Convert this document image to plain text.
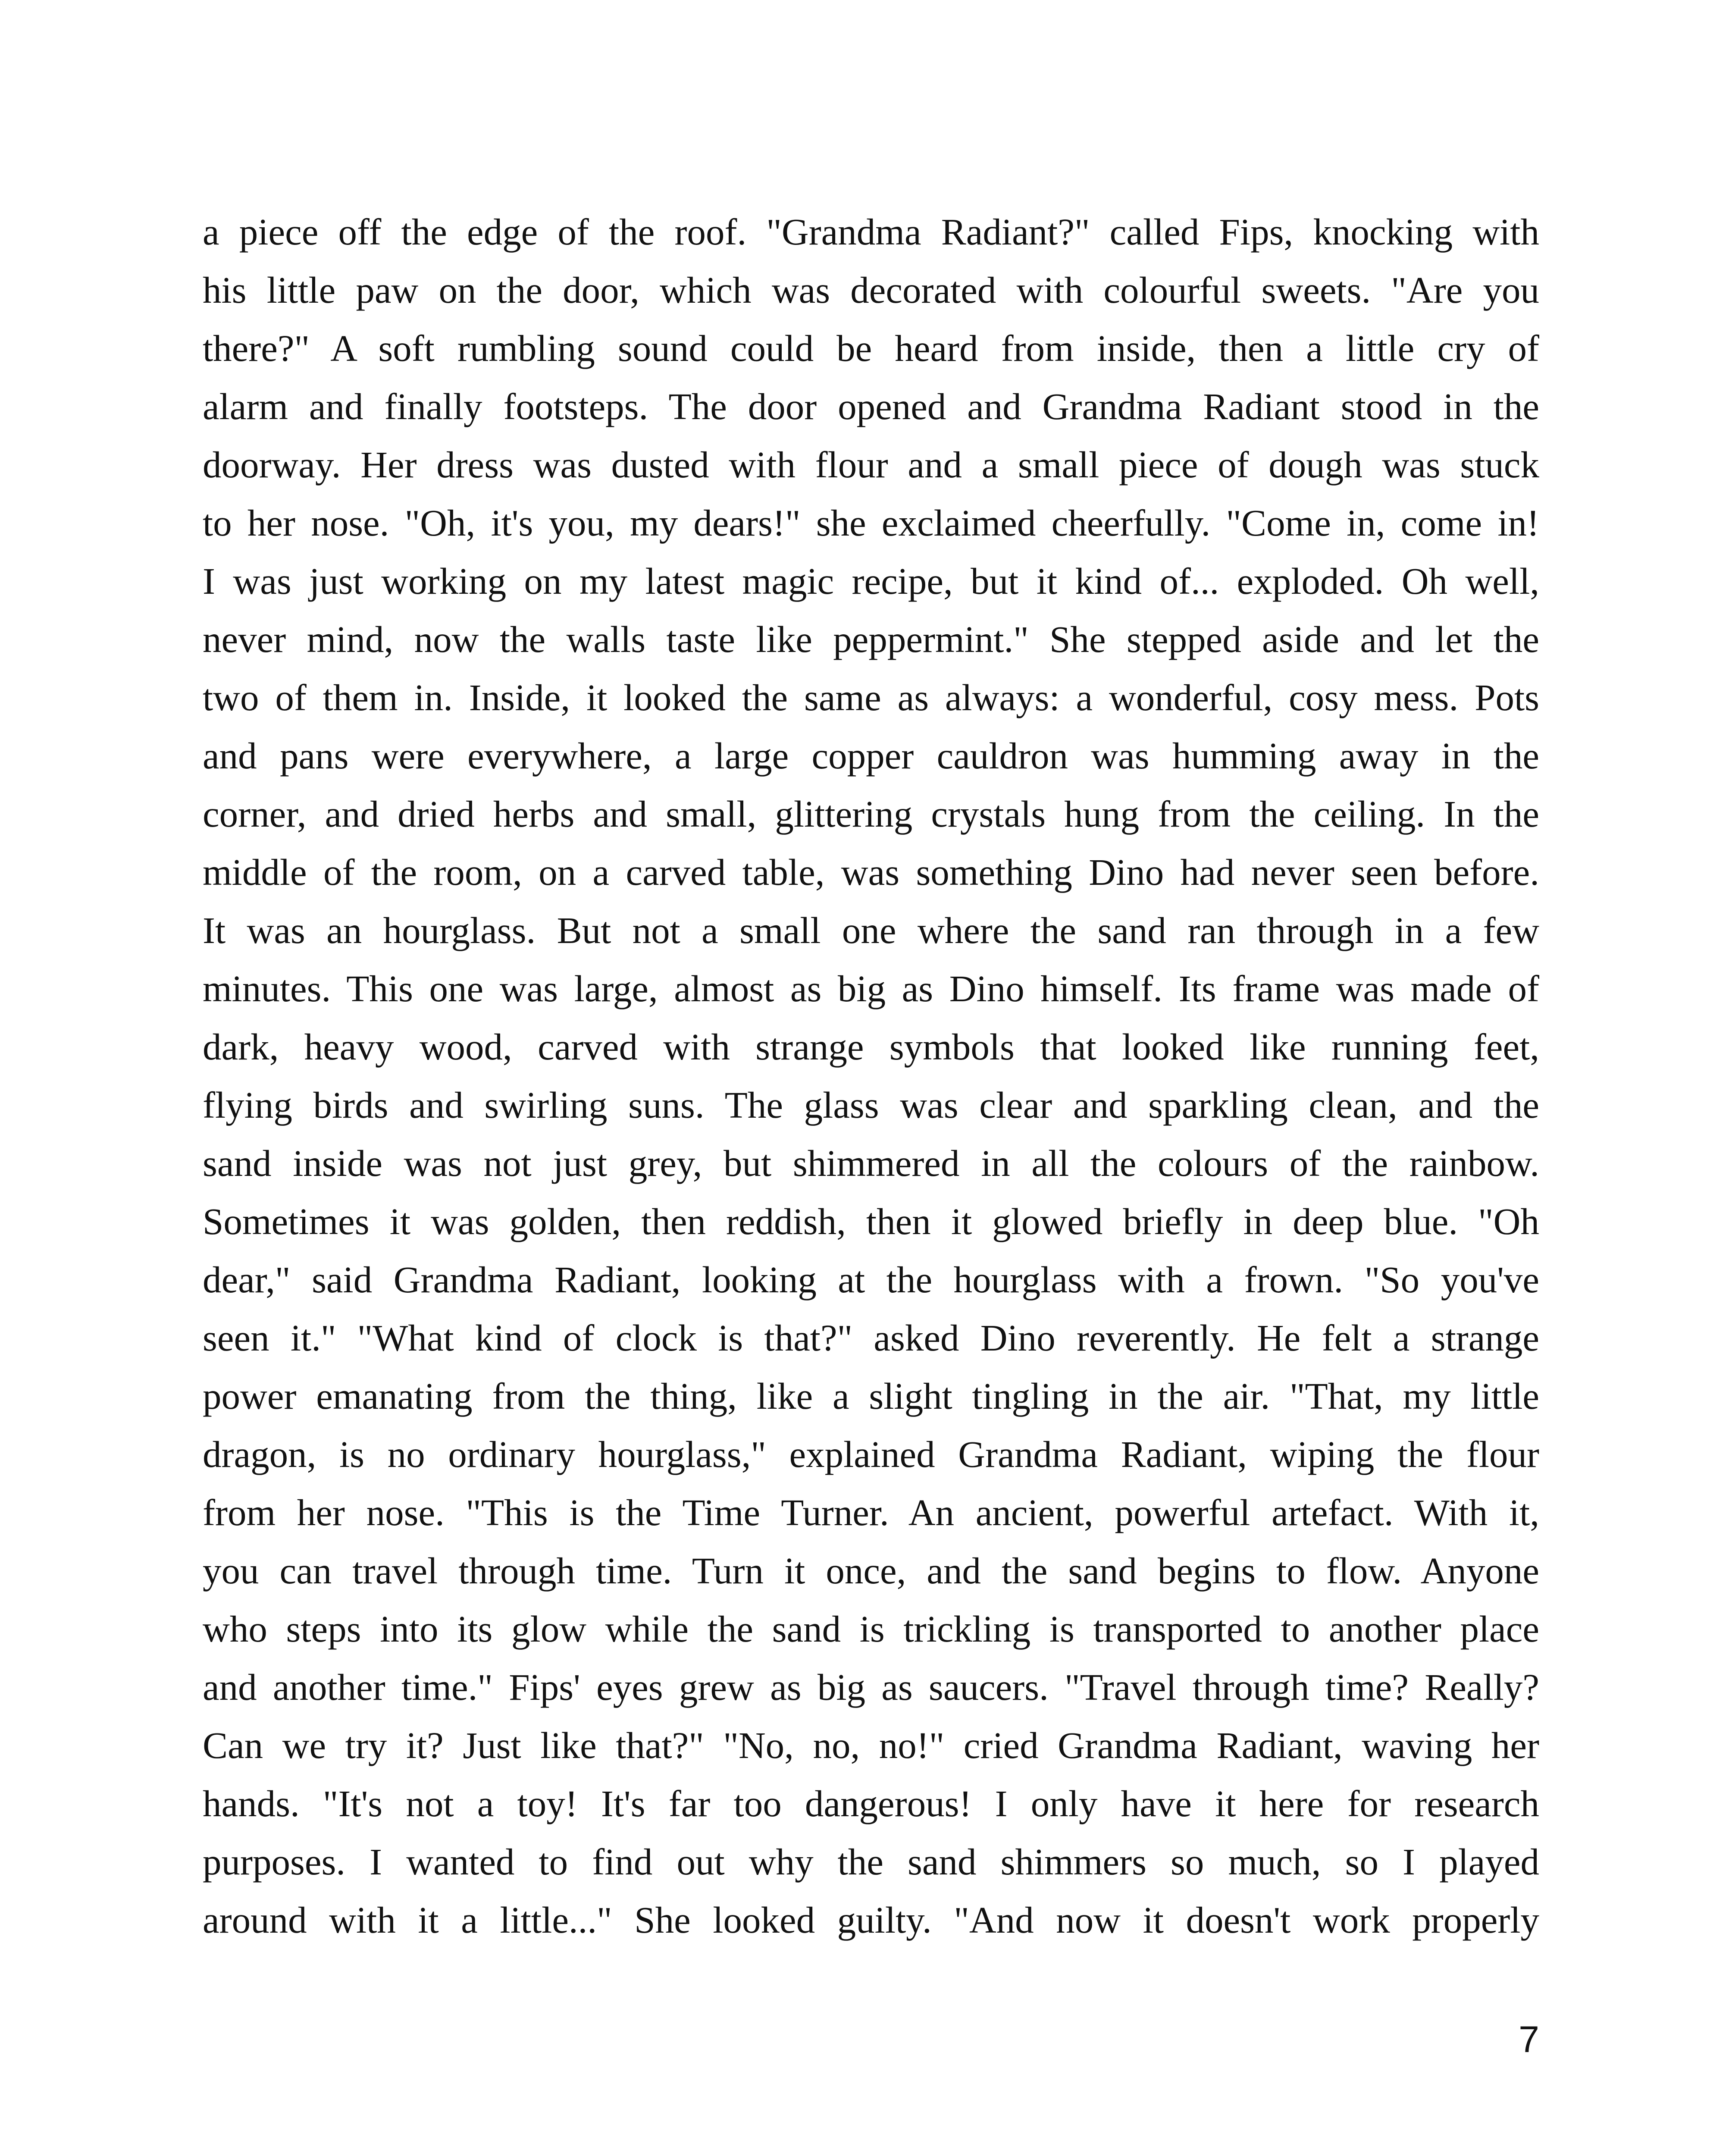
a piece off the edge of the roof. "Grandma Radiant?" called Fips, knocking with
his little paw on the door, which was decorated with colourful sweets. "Are you
there?" A soft rumbling sound could be heard from inside, then a little cry of
alarm and finally footsteps. The door opened and Grandma Radiant stood in the
doorway. Her dress was dusted with flour and a small piece of dough was stuck
to her nose. "Oh, it's you, my dears!" she exclaimed cheerfully. "Come in, come in!
I was just working on my latest magic recipe, but it kind of... exploded. Oh well,
never mind, now the walls taste like peppermint." She stepped aside and let the
two of them in. Inside, it looked the same as always: a wonderful, cosy mess. Pots
and pans were everywhere, a large copper cauldron was humming away in the
corner, and dried herbs and small, glittering crystals hung from the ceiling. In the
middle of the room, on a carved table, was something Dino had never seen before.
It was an hourglass. But not a small one where the sand ran through in a few
minutes. This one was large, almost as big as Dino himself. Its frame was made of
dark, heavy wood, carved with strange symbols that looked like running feet,
flying birds and swirling suns. The glass was clear and sparkling clean, and the
sand inside was not just grey, but shimmered in all the colours of the rainbow.
Sometimes it was golden, then reddish, then it glowed briefly in deep blue. "Oh
dear," said Grandma Radiant, looking at the hourglass with a frown. "So you've
seen it." "What kind of clock is that?" asked Dino reverently. He felt a strange
power emanating from the thing, like a slight tingling in the air. "That, my little
dragon, is no ordinary hourglass," explained Grandma Radiant, wiping the flour
from her nose. "This is the Time Turner. An ancient, powerful artefact. With it,
you can travel through time. Turn it once, and the sand begins to flow. Anyone
who steps into its glow while the sand is trickling is transported to another place
and another time." Fips' eyes grew as big as saucers. "Travel through time? Really?
Can we try it? Just like that?" "No, no, no!" cried Grandma Radiant, waving her
hands. "It's not a toy! It's far too dangerous! I only have it here for research
purposes. I wanted to find out why the sand shimmers so much, so I played
around with it a little..." She looked guilty. "And now it doesn't work properly
7
